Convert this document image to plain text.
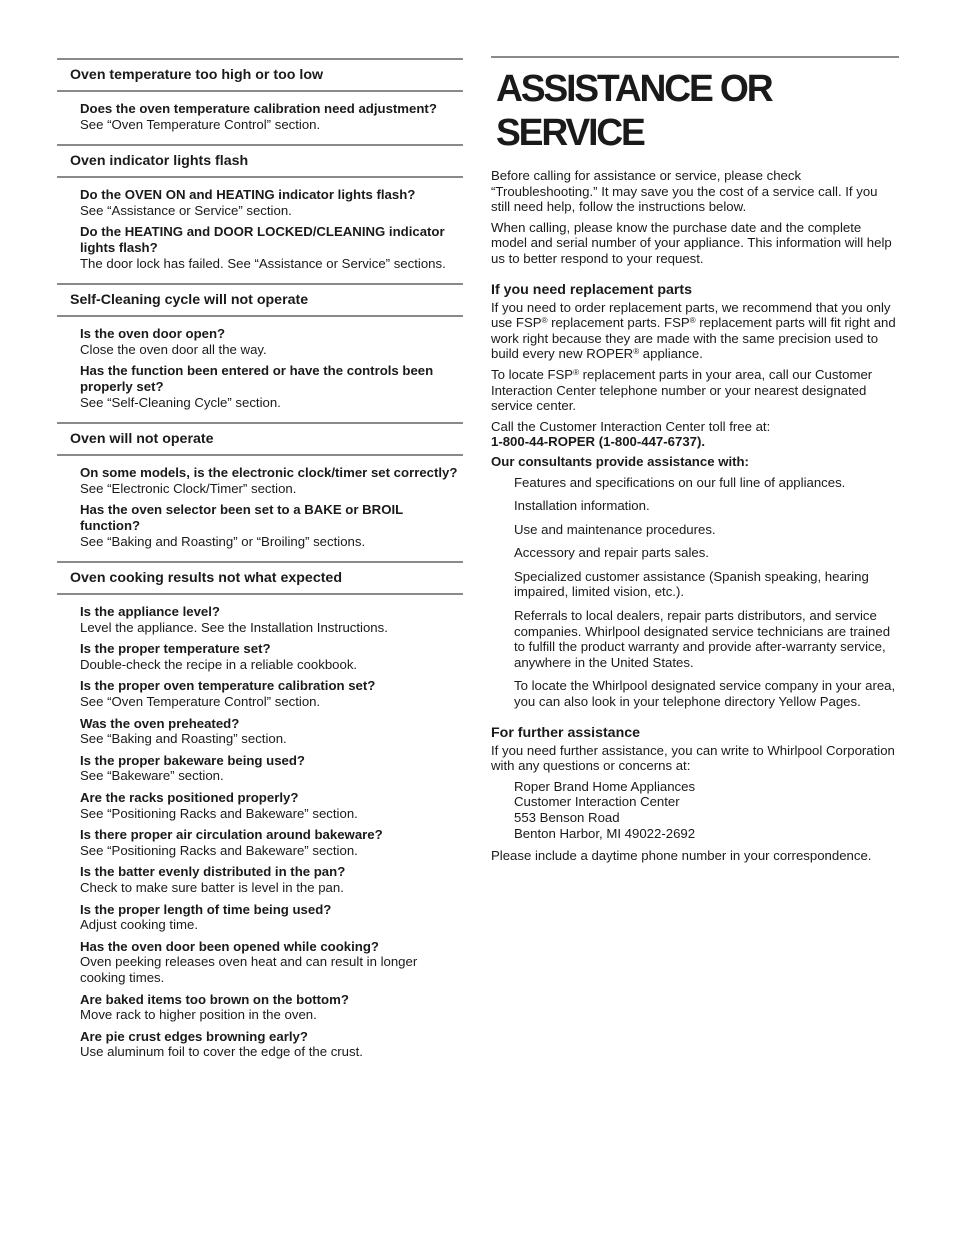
Oven temperature too high or too low
Does the oven temperature calibration need adjustment?
See “Oven Temperature Control” section.
Oven indicator lights flash
Do the OVEN ON and HEATING indicator lights flash?
See “Assistance or Service” section.
Do the HEATING and DOOR LOCKED/CLEANING indicator lights flash?
The door lock has failed. See “Assistance or Service” sections.
Self-Cleaning cycle will not operate
Is the oven door open?
Close the oven door all the way.
Has the function been entered or have the controls been properly set?
See “Self-Cleaning Cycle” section.
Oven will not operate
On some models, is the electronic clock/timer set correctly?
See “Electronic Clock/Timer” section.
Has the oven selector been set to a BAKE or BROIL function?
See “Baking and Roasting” or “Broiling” sections.
Oven cooking results not what expected
Is the appliance level?
Level the appliance. See the Installation Instructions.
Is the proper temperature set?
Double-check the recipe in a reliable cookbook.
Is the proper oven temperature calibration set?
See “Oven Temperature Control” section.
Was the oven preheated?
See “Baking and Roasting” section.
Is the proper bakeware being used?
See “Bakeware” section.
Are the racks positioned properly?
See “Positioning Racks and Bakeware” section.
Is there proper air circulation around bakeware?
See “Positioning Racks and Bakeware” section.
Is the batter evenly distributed in the pan?
Check to make sure batter is level in the pan.
Is the proper length of time being used?
Adjust cooking time.
Has the oven door been opened while cooking?
Oven peeking releases oven heat and can result in longer cooking times.
Are baked items too brown on the bottom?
Move rack to higher position in the oven.
Are pie crust edges browning early?
Use aluminum foil to cover the edge of the crust.
ASSISTANCE OR SERVICE

Before calling for assistance or service, please check “Troubleshooting.” It may save you the cost of a service call. If you still need help, follow the instructions below.

When calling, please know the purchase date and the complete model and serial number of your appliance. This information will help us to better respond to your request.

If you need replacement parts

If you need to order replacement parts, we recommend that you only use FSP® replacement parts. FSP® replacement parts will fit right and work right because they are made with the same precision used to build every new ROPER® appliance.

To locate FSP® replacement parts in your area, call our Customer Interaction Center telephone number or your nearest designated service center.

Call the Customer Interaction Center toll free at:
1-800-44-ROPER (1-800-447-6737).

Our consultants provide assistance with:

Features and specifications on our full line of appliances.
Installation information.
Use and maintenance procedures.
Accessory and repair parts sales.
Specialized customer assistance (Spanish speaking, hearing impaired, limited vision, etc.).
Referrals to local dealers, repair parts distributors, and service companies. Whirlpool designated service technicians are trained to fulfill the product warranty and provide after-warranty service, anywhere in the United States.
To locate the Whirlpool designated service company in your area, you can also look in your telephone directory Yellow Pages.
For further assistance

If you need further assistance, you can write to Whirlpool Corporation with any questions or concerns at:

Roper Brand Home Appliances
Customer Interaction Center
553 Benson Road
Benton Harbor, MI 49022-2692

Please include a daytime phone number in your correspondence.
